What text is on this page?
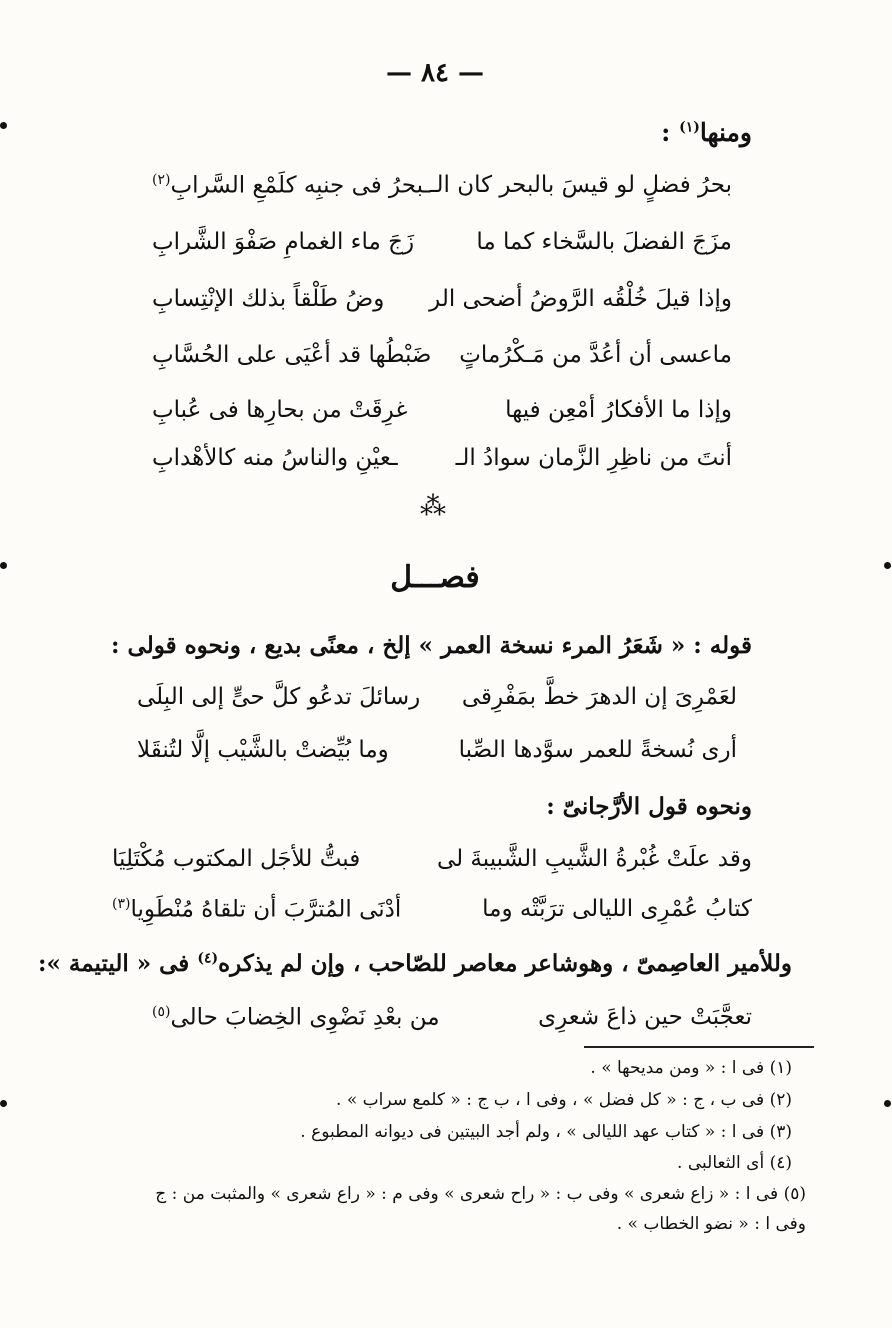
— ٨٤ —
ومنها$^{(١)}$ :
بحرُ فضلٍ لو قيسَ بالبحر كان الـ
ـبحرُ فى جنبِه كلَمْعِ السَّرابِ$^{(٢)}$
مزَجَ الفضلَ بالسَّخاء كما ما
زَجَ ماء الغمامِ صَفْوَ الشَّرابِ
وإذا قيلَ خُلْقُه الرَّوضُ أضحى الر
وضُ طَلْقاً بذلك الإنْتِسابِ
ماعسى أن أعُدَّ من مَـكْرُماتٍ
ضَبْطُها قد أعْيَى على الحُسَّابِ
وإذا ما الأفكارُ أمْعِن فيها
غرِقَتْ من بحارِها فى عُبابِ
أنتَ من ناظِرِ الزَّمان سوادُ الـ
ـعيْنِ والناسُ منه كالأهْدابِ
⁂
فصـــل
قوله : « شَعَرُ المرء نسخة العمر » إلخ ، معنًى بديع ، ونحوه قولى :
لعَمْرِىَ إن الدهرَ خطَّ بمَفْرِقى
رسائلَ تدعُو كلَّ حىٍّ إلى البِلَى
أرى نُسخةً للعمر سوَّدها الصِّبا
وما بُيِّضتْ بالشَّيْب إلَّا لتُنقَلا
ونحوه قول الأرَّجانىّ :
وقد علَتْ غُبْرةُ الشَّيبِ الشَّبيبةَ لى
فبتُّ للأجَل المكتوب مُكْتَلِيَا
كتابُ عُمْرِى الليالى ترَبَّتْه وما
أدْنَى المُترَّبَ أن تلقاهُ مُنْطَوِيا$^{(٣)}$
وللأمير العاصِمىّ ، وهوشاعر معاصر للصّاحب ، وإن لم يذكره$^{(٤)}$ فى « اليتيمة »:
تعجَّبَتْ حين ذاعَ شعرِى
من بعْدِ نَضْوِى الخِضابَ حالى$^{(٥)}$
(١) فى ا : « ومن مديحها » .
(٢) فى ب ، ج : « كل فضل » ، وفى ا ، ب ج : « كلمع سراب » .
(٣) فى ا : « كتاب عهد الليالى » ، ولم أجد البيتين فى ديوانه المطبوع .
(٤) أى الثعالبى .
(٥) فى ا : « زاع شعرى » وفى ب : « راح شعرى » وفى م : « راع شعرى » والمثبت من : ج
وفى ا : « نضو الخطاب » .
